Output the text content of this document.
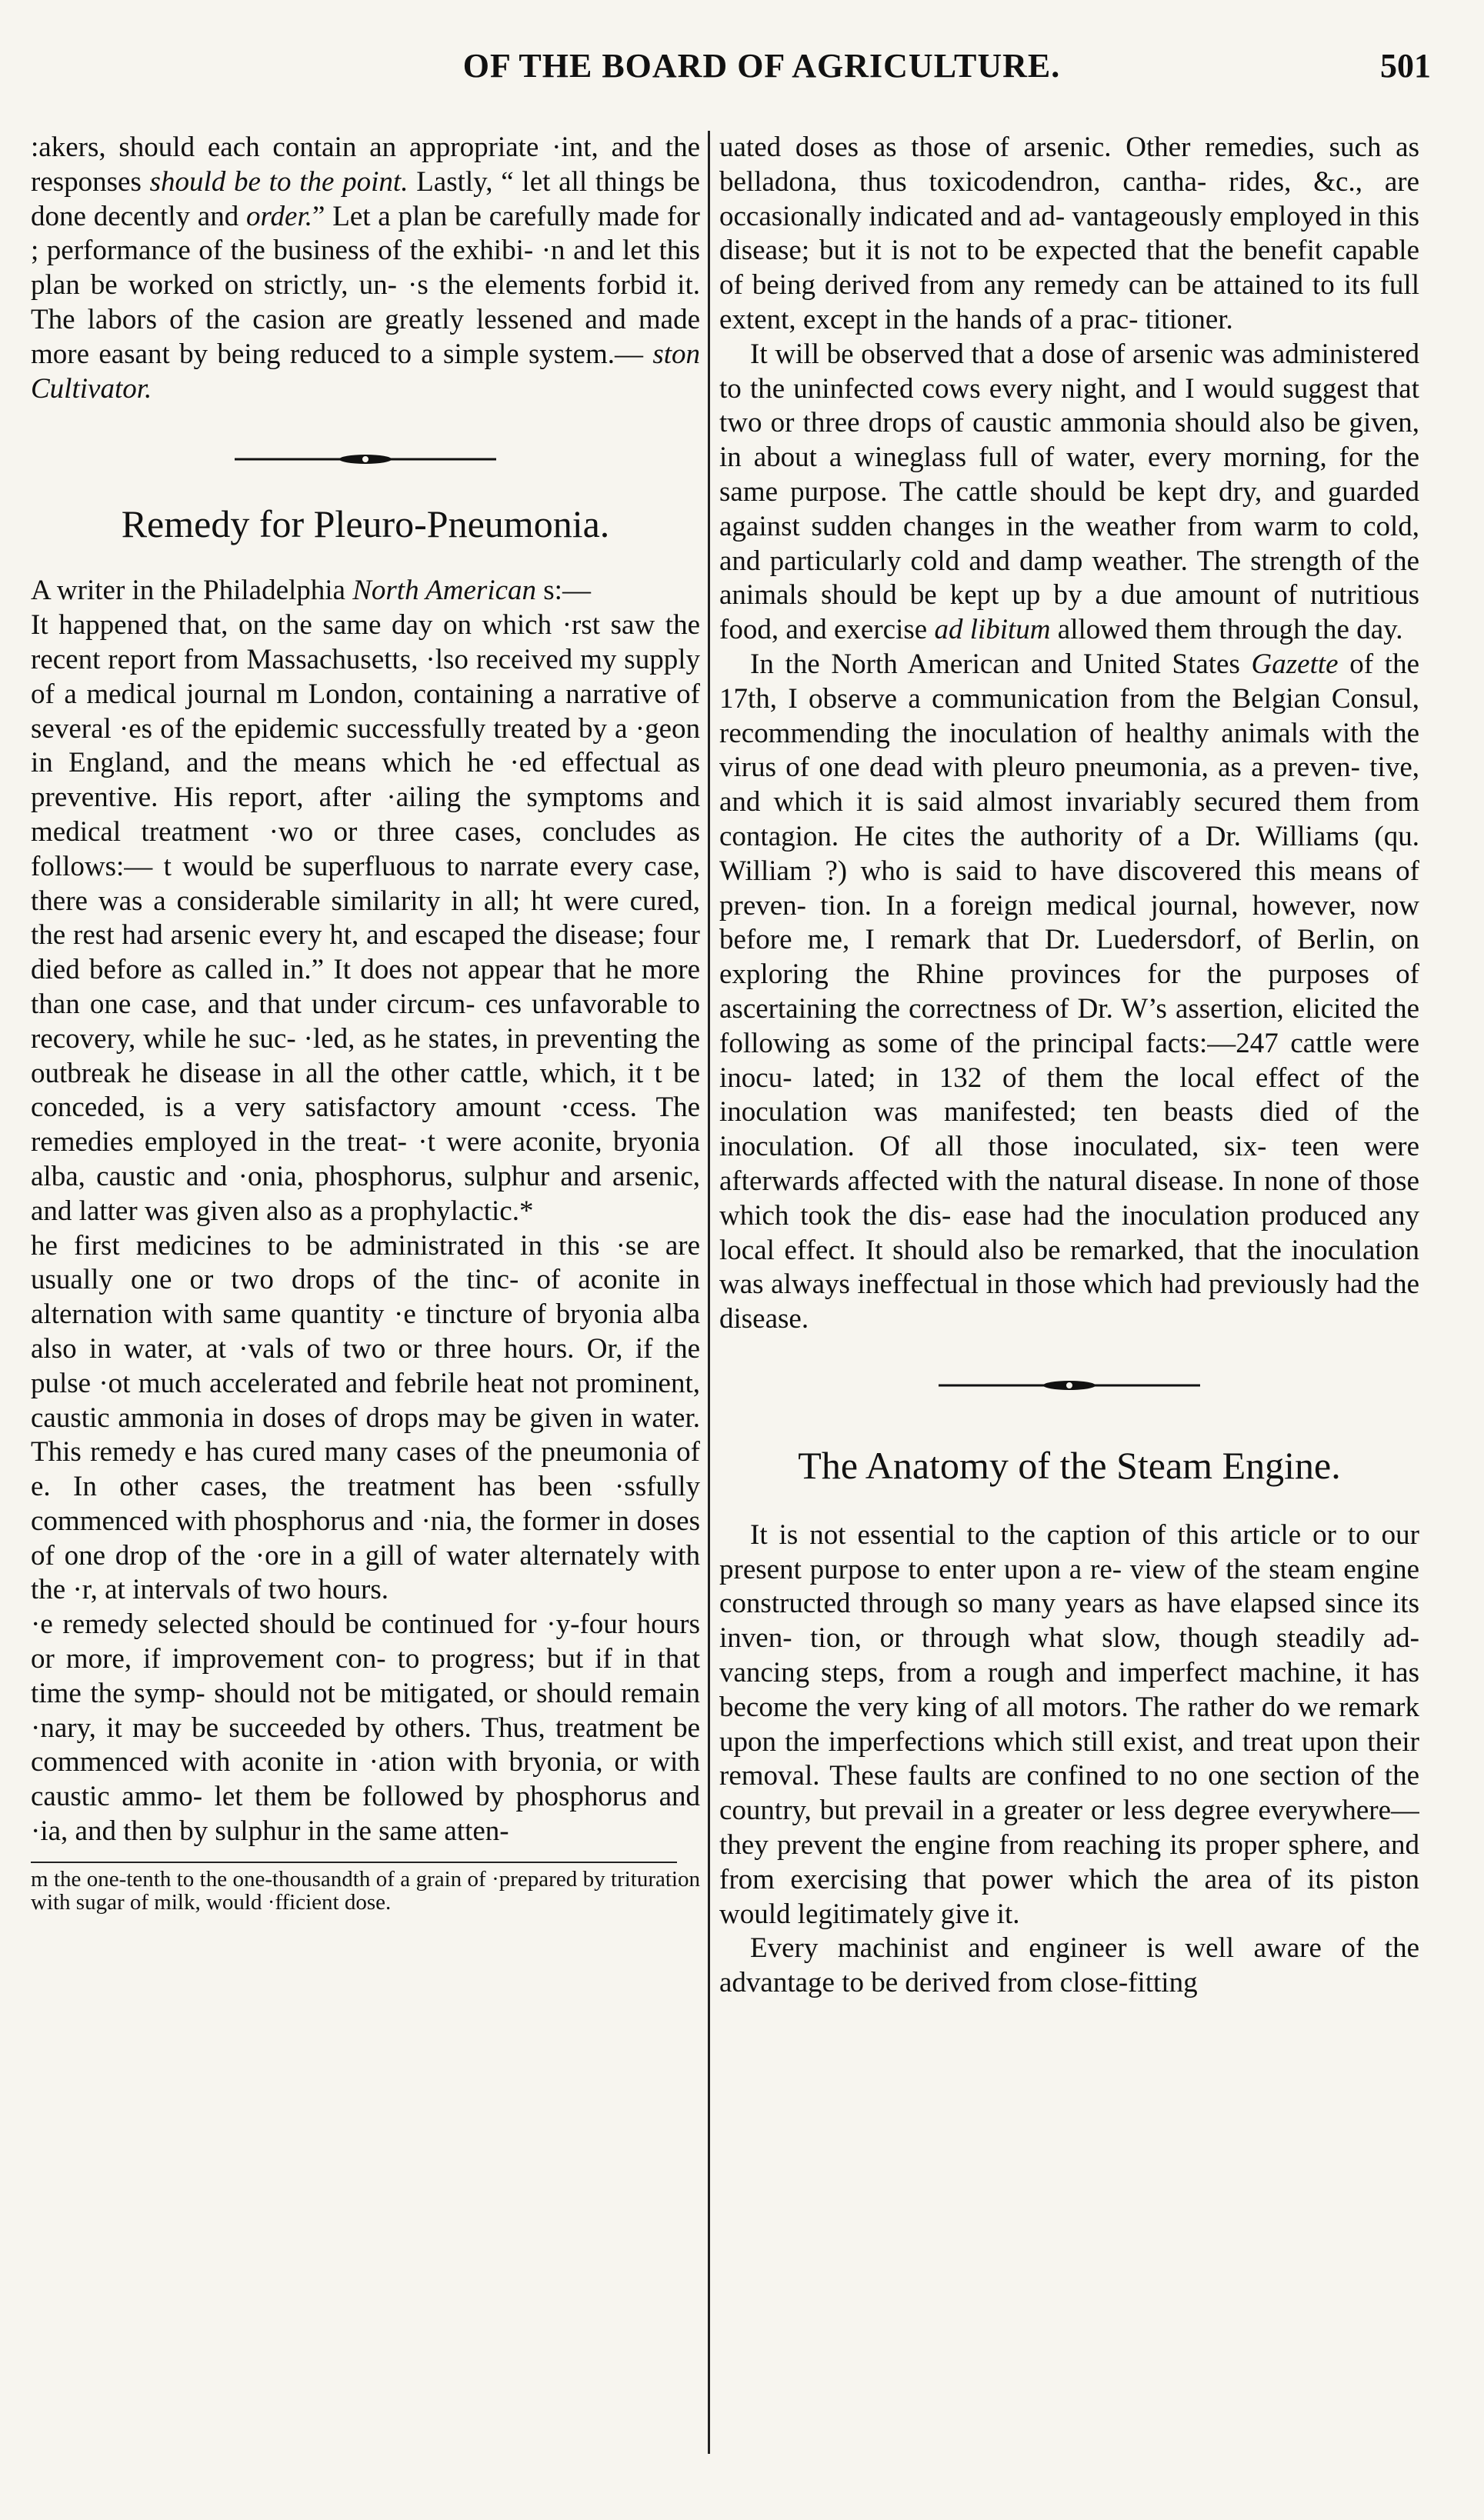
OF THE BOARD OF AGRICULTURE.	501

:akers, should each contain an appropriate ·int, and the responses should be to the point. Lastly, “ let all things be done decently and order.” Let a plan be carefully made for ; performance of the business of the exhibi- ·n and let this plan be worked on strictly, un- ·s the elements forbid it. The labors of the casion are greatly lessened and made more easant by being reduced to a simple system.— ston Cultivator.

Remedy for Pleuro-Pneumonia.

A writer in the Philadelphia North American s:—

It happened that, on the same day on which ·rst saw the recent report from Massachusetts, ·lso received my supply of a medical journal m London, containing a narrative of several ·es of the epidemic successfully treated by a ·geon in England, and the means which he ·ed effectual as preventive. His report, after ·ailing the symptoms and medical treatment ·wo or three cases, concludes as follows:— t would be superfluous to narrate every case, there was a considerable similarity in all; ht were cured, the rest had arsenic every ht, and escaped the disease; four died before as called in.” It does not appear that he more than one case, and that under circum- ces unfavorable to recovery, while he suc- ·led, as he states, in preventing the outbreak he disease in all the other cattle, which, it t be conceded, is a very satisfactory amount ·ccess. The remedies employed in the treat- ·t were aconite, bryonia alba, caustic and ·onia, phosphorus, sulphur and arsenic, and latter was given also as a prophylactic.*

he first medicines to be administrated in this ·se are usually one or two drops of the tinc- of aconite in alternation with same quantity ·e tincture of bryonia alba also in water, at ·vals of two or three hours. Or, if the pulse ·ot much accelerated and febrile heat not prominent, caustic ammonia in doses of drops may be given in water. This remedy e has cured many cases of the pneumonia of e. In other cases, the treatment has been ·ssfully commenced with phosphorus and ·nia, the former in doses of one drop of the ·ore in a gill of water alternately with the ·r, at intervals of two hours.

·e remedy selected should be continued for ·y-four hours or more, if improvement con- to progress; but if in that time the symp- should not be mitigated, or should remain ·nary, it may be succeeded by others. Thus, treatment be commenced with aconite in ·ation with bryonia, or with caustic ammo- let them be followed by phosphorus and ·ia, and then by sulphur in the same atten-

m the one-tenth to the one-thousandth of a grain of ·prepared by trituration with sugar of milk, would ·fficient dose.

uated doses as those of arsenic. Other remedies, such as belladona, thus toxicodendron, cantha- rides, &c., are occasionally indicated and ad- vantageously employed in this disease; but it is not to be expected that the benefit capable of being derived from any remedy can be attained to its full extent, except in the hands of a prac- titioner.

It will be observed that a dose of arsenic was administered to the uninfected cows every night, and I would suggest that two or three drops of caustic ammonia should also be given, in about a wineglass full of water, every morning, for the same purpose. The cattle should be kept dry, and guarded against sudden changes in the weather from warm to cold, and particularly cold and damp weather. The strength of the animals should be kept up by a due amount of nutritious food, and exercise ad libitum allowed them through the day.

In the North American and United States Gazette of the 17th, I observe a communication from the Belgian Consul, recommending the inoculation of healthy animals with the virus of one dead with pleuro pneumonia, as a preven- tive, and which it is said almost invariably secured them from contagion. He cites the authority of a Dr. Williams (qu. William ?) who is said to have discovered this means of preven- tion. In a foreign medical journal, however, now before me, I remark that Dr. Luedersdorf, of Berlin, on exploring the Rhine provinces for the purposes of ascertaining the correctness of Dr. W’s assertion, elicited the following as some of the principal facts:—247 cattle were inocu- lated; in 132 of them the local effect of the inoculation was manifested; ten beasts died of the inoculation. Of all those inoculated, six- teen were afterwards affected with the natural disease. In none of those which took the dis- ease had the inoculation produced any local effect. It should also be remarked, that the inoculation was always ineffectual in those which had previously had the disease.

The Anatomy of the Steam Engine.

It is not essential to the caption of this article or to our present purpose to enter upon a re- view of the steam engine constructed through so many years as have elapsed since its inven- tion, or through what slow, though steadily ad- vancing steps, from a rough and imperfect machine, it has become the very king of all motors. The rather do we remark upon the imperfections which still exist, and treat upon their removal. These faults are confined to no one section of the country, but prevail in a greater or less degree everywhere—they prevent the engine from reaching its proper sphere, and from exercising that power which the area of its piston would legitimately give it.

Every machinist and engineer is well aware of the advantage to be derived from close-fitting
